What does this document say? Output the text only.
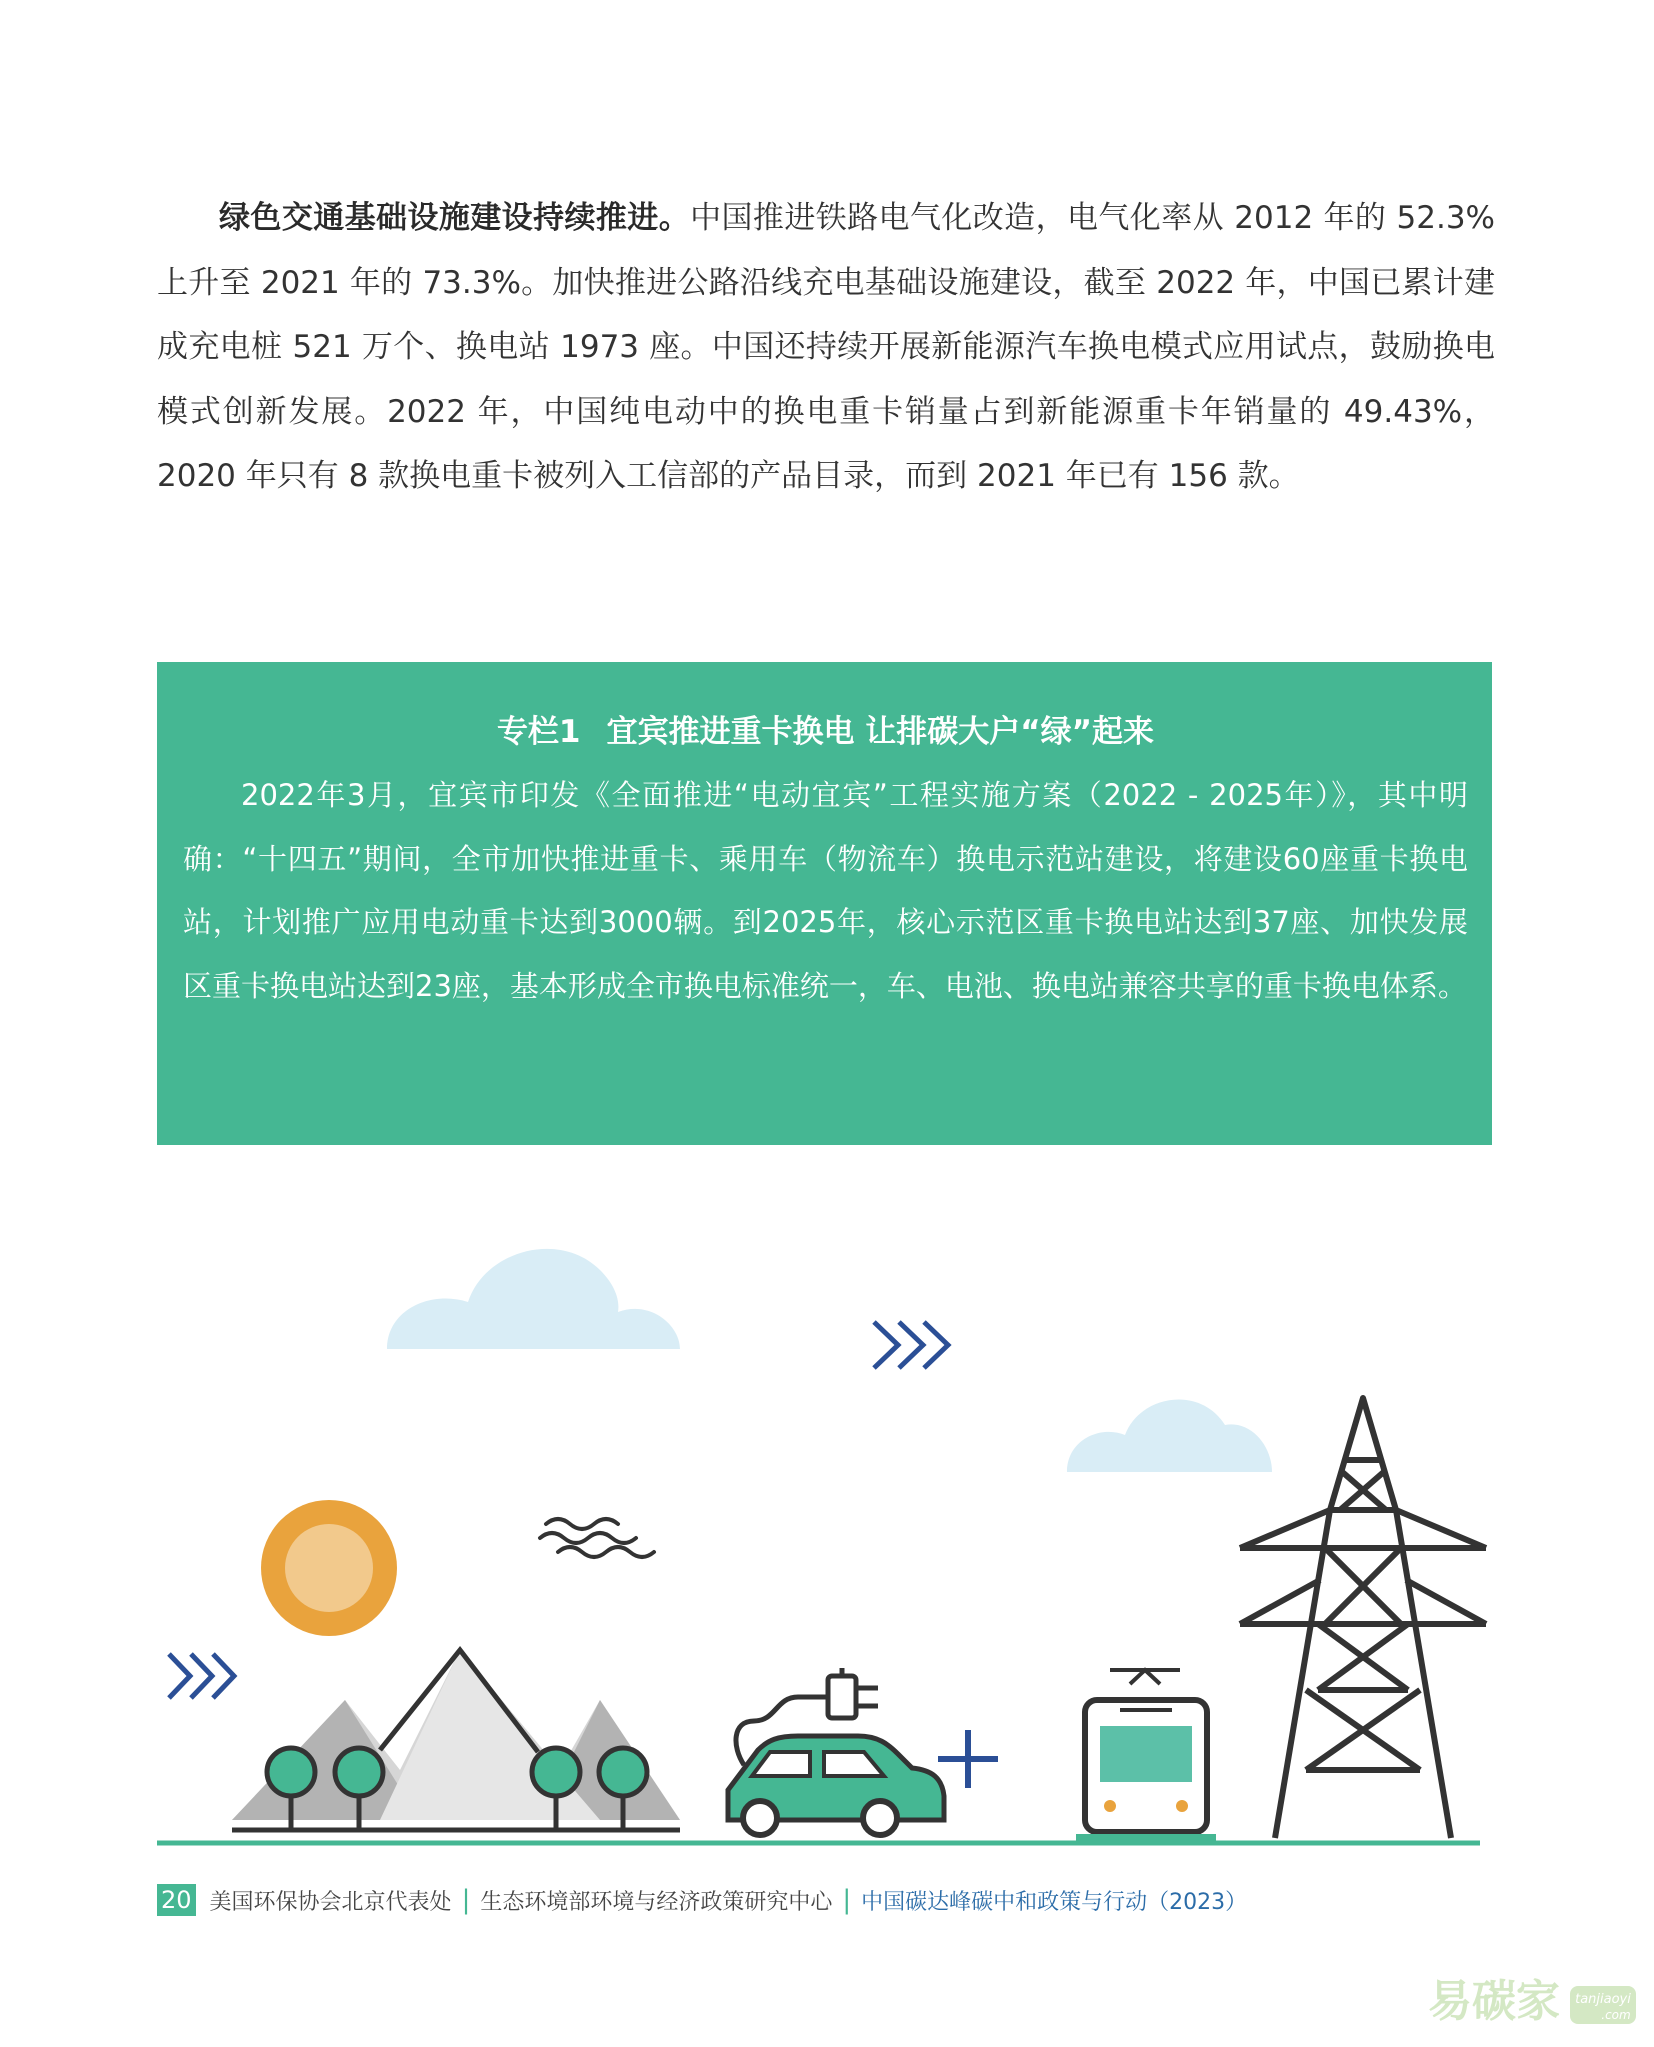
绿色交通基础设施建设持续推进。中国推进铁路电气化改造，电气化率从 2012 年的 52.3% 上升至 2021 年的 73.3%。加快推进公路沿线充电基础设施建设，截至 2022 年，中国已累计建成充电桩 521 万个、换电站 1973 座。中国还持续开展新能源汽车换电模式应用试点，鼓励换电模式创新发展。2022 年，中国纯电动中的换电重卡销量占到新能源重卡年销量的 49.43%，2020 年只有 8 款换电重卡被列入工信部的产品目录，而到 2021 年已有 156 款。

专栏1 宜宾推进重卡换电 让排碳大户“绿”起来

2022年3月，宜宾市印发《全面推进“电动宜宾”工程实施方案（2022 - 2025年）》，其中明确：“十四五”期间，全市加快推进重卡、乘用车（物流车）换电示范站建设，将建设60座重卡换电站，计划推广应用电动重卡达到3000辆。到2025年，核心示范区重卡换电站达到37座、加快发展区重卡换电站达到23座，基本形成全市换电标准统一，车、电池、换电站兼容共享的重卡换电体系。

20 美国环保协会北京代表处 | 生态环境部环境与经济政策研究中心 | 中国碳达峰碳中和政策与行动（2023）
易碳家 tanjiaoyi
.com
